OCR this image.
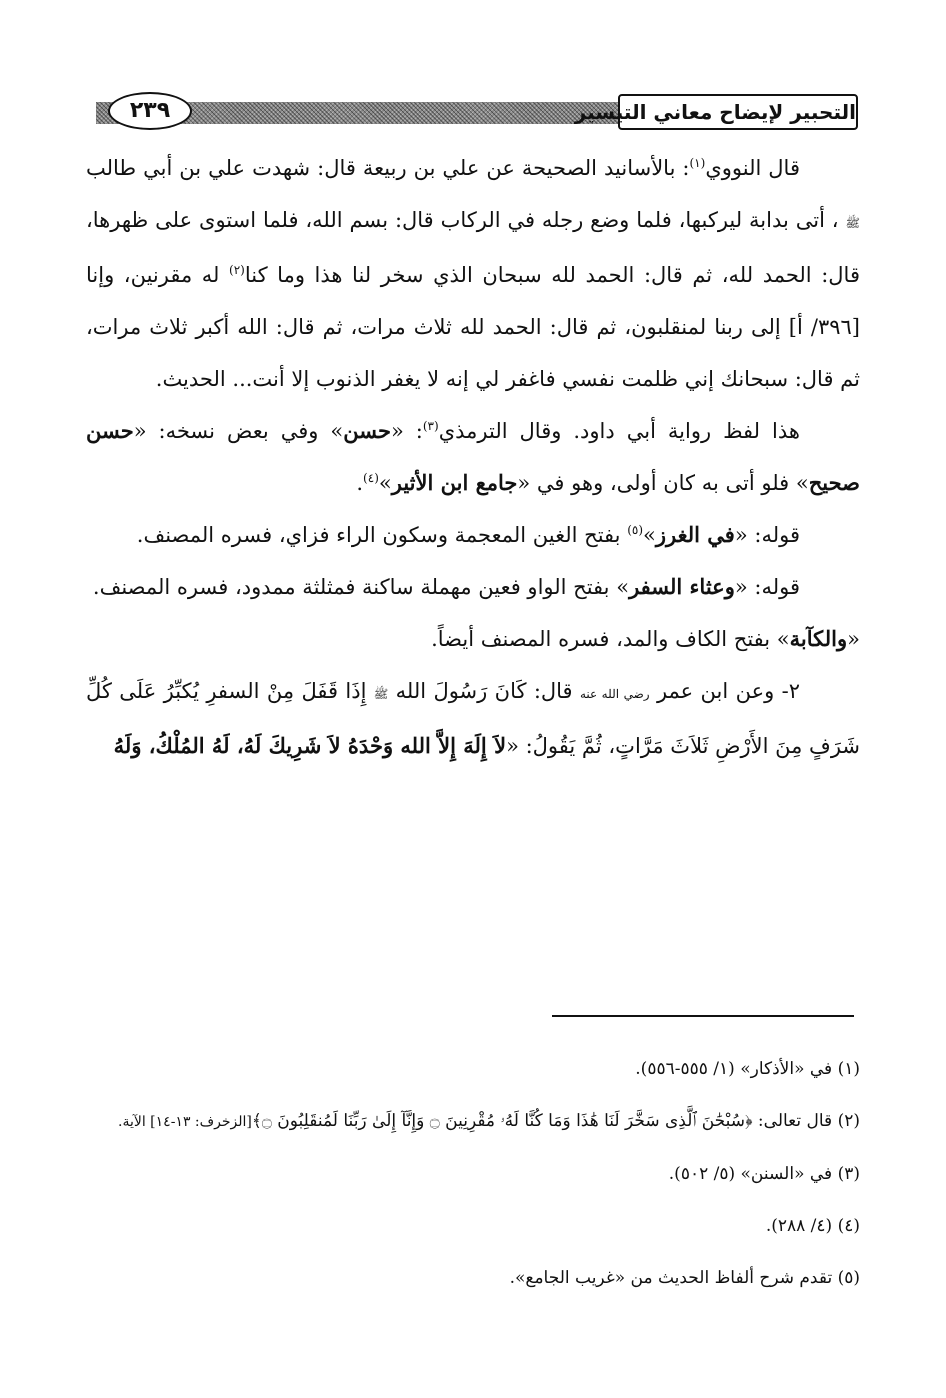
التحبير لإيضاح معاني التيسير
٢٣٩

قال النووي$^{(١)}$: بالأسانيد الصحيحة عن علي بن ربيعة قال: شهدت علي بن أبي طالب ﷺ ، أتى بدابة ليركبها، فلما وضع رجله في الركاب قال: بسم الله، فلما استوى على ظهرها، قال: الحمد لله، ثم قال: الحمد لله سبحان الذي سخر لنا هذا وما كنا$^{(٢)}$ له مقرنين، وإنا [٣٩٦/ أ] إلى ربنا لمنقلبون، ثم قال: الحمد لله ثلاث مرات، ثم قال: الله أكبر ثلاث مرات، ثم قال: سبحانك إني ظلمت نفسي فاغفر لي إنه لا يغفر الذنوب إلا أنت... الحديث.

هذا لفظ رواية أبي داود. وقال الترمذي$^{(٣)}$: «حسن» وفي بعض نسخه: «حسن صحيح» فلو أتى به كان أولى، وهو في «جامع ابن الأثير»$^{(٤)}$.

قوله: «في الغرز»$^{(٥)}$ بفتح الغين المعجمة وسكون الراء فزاي، فسره المصنف.

قوله: «وعثاء السفر» بفتح الواو فعين مهملة ساكنة فمثلثة ممدود، فسره المصنف.

«والكآبة» بفتح الكاف والمد، فسره المصنف أيضاً.

٢- وعن ابن عمر رضي الله عنه قال: كَانَ رَسُولَ الله ﷺ إِذَا قَفَلَ مِنْ السفرِ يُكبِّرُ عَلَى كُلِّ شَرَفٍ مِنَ الأَرْضِ ثَلاَثَ مَرَّاتٍ، ثُمَّ يَقُولُ: «لاَ إِلَهَ إِلاَّ الله وَحْدَهُ لاَ شَرِيكَ لَهُ، لَهُ المُلْكُ، وَلَهُ

(١) في «الأذكار» (١/ ٥٥٥-٥٥٦).

(٢) قال تعالى: ﴿سُبْحَٰنَ ٱلَّذِى سَخَّرَ لَنَا هَٰذَا وَمَا كُنَّا لَهُۥ مُقْرِنِينَ ۝ وَإِنَّآ إِلَىٰ رَبِّنَا لَمُنقَلِبُونَ ۝﴾[الزخرف: ١٣-١٤] الآية.

(٣) في «السنن» (٥/ ٥٠٢).

(٤) (٤/ ٢٨٨).

(٥) تقدم شرح ألفاظ الحديث من «غريب الجامع».
